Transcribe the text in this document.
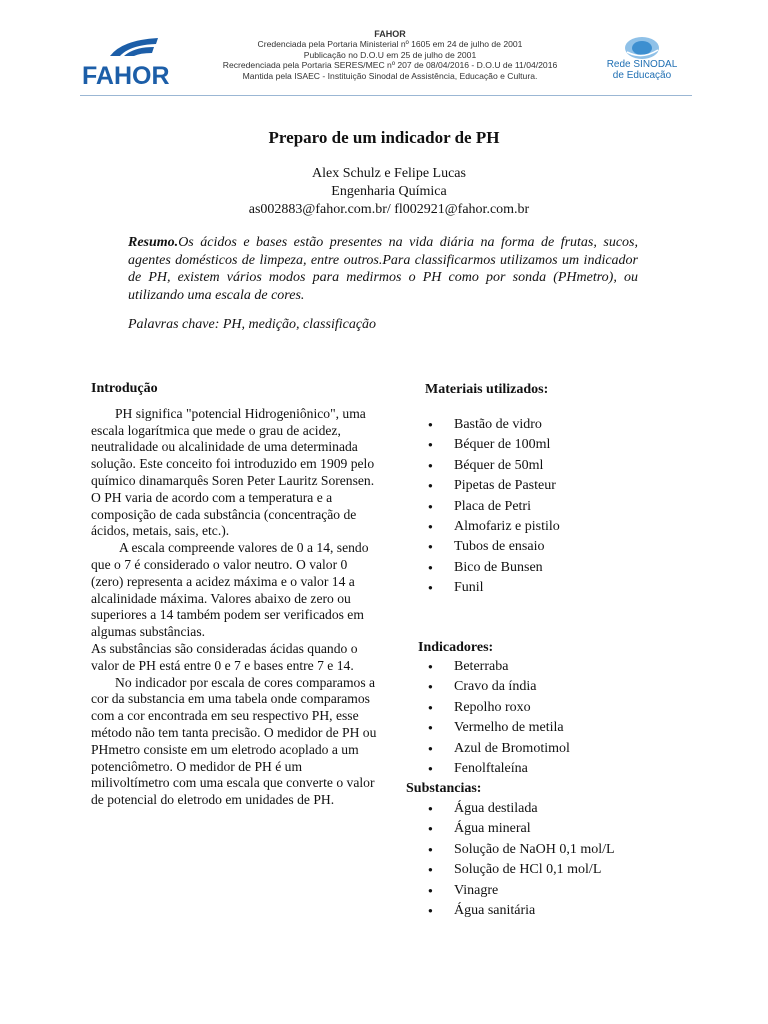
FAHOR
FAHOR
Credenciada pela Portaria Ministerial nº 1605 em 24 de julho de 2001
Publicação no D.O.U em 25 de julho de 2001
Recredenciada pela Portaria SERES/MEC nº 207 de 08/04/2016 - D.O.U de 11/04/2016
Mantida pela ISAEC - Instituição Sinodal de Assistência, Educação e Cultura.
Rede SINODAL
de Educação
Preparo de um indicador de PH
Alex Schulz e Felipe Lucas
Engenharia Química
as002883@fahor.com.br/ fl002921@fahor.com.br
Resumo.Os ácidos e bases estão presentes na vida diária na forma de frutas, sucos, agentes domésticos de limpeza, entre outros.Para classificarmos utilizamos um indicador de PH, existem vários modos para medirmos o PH como por sonda (PHmetro), ou utilizando uma escala de cores.
Palavras chave: PH, medição, classificação
Introdução

PH significa "potencial Hidrogeniônico", uma escala logarítmica que mede o grau de acidez, neutralidade ou alcalinidade de uma determinada solução. Este conceito foi introduzido em 1909 pelo químico dinamarquês Soren Peter Lauritz Sorensen. O PH varia de acordo com a temperatura e a composição de cada substância (concentração de ácidos, metais, sais, etc.).

A escala compreende valores de 0 a 14, sendo que o 7 é considerado o valor neutro. O valor 0 (zero) representa a acidez máxima e o valor 14 a alcalinidade máxima. Valores abaixo de zero ou superiores a 14 também podem ser verificados em algumas substâncias.

As substâncias são consideradas ácidas quando o valor de PH está entre 0 e 7 e bases entre 7 e 14.

No indicador por escala de cores comparamos a cor da substancia em uma tabela onde comparamos com a cor encontrada em seu respectivo PH, esse método não tem tanta precisão. O medidor de PH ou PHmetro consiste em um eletrodo acoplado a um potenciômetro. O medidor de PH é um milivoltímetro com uma escala que converte o valor de potencial do eletrodo em unidades de PH.

Materiais utilizados:
● Bastão de vidro
● Béquer de 100ml
● Béquer de 50ml
● Pipetas de Pasteur
● Placa de Petri
● Almofariz e pistilo
● Tubos de ensaio
● Bico de Bunsen
● Funil
Indicadores:
● Beterraba
● Cravo da índia
● Repolho roxo
● Vermelho de metila
● Azul de Bromotimol
● Fenolftaleína
Substancias:
● Água destilada
● Água mineral
● Solução de NaOH 0,1 mol/L
● Solução de HCl 0,1 mol/L
● Vinagre
● Água sanitária
